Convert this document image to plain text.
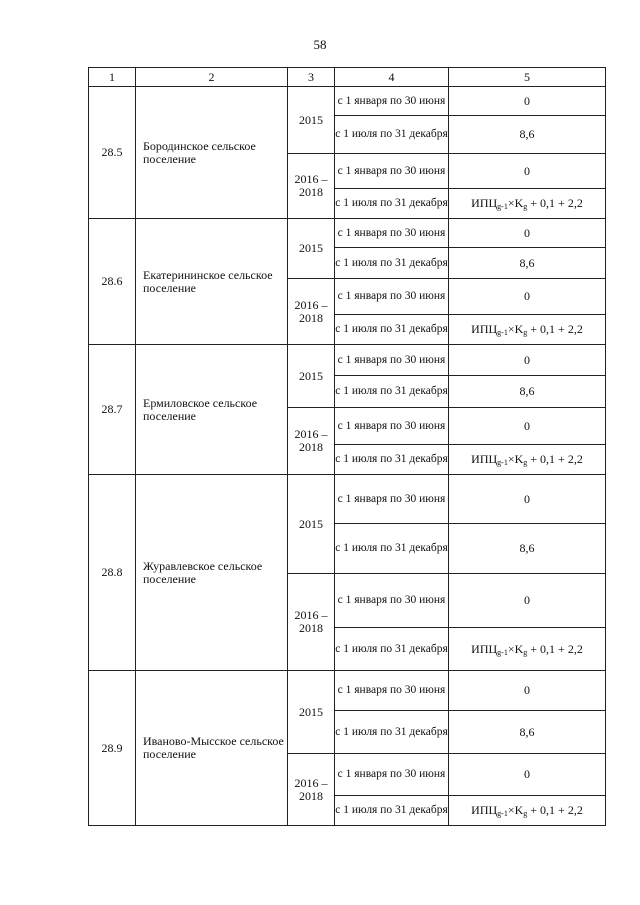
58
1	2	3	4	5
28.5	Бородинское сельское поселение	2015	с 1 января по 30 июня	0
			с 1 июля по 31 декабря	8,6
		2016 – 2018	с 1 января по 30 июня	0
			с 1 июля по 31 декабря	$ИПЦ_{g-1}\times K_g + 0,1 + 2,2$
28.6	Екатерининское сельское поселение	2015	с 1 января по 30 июня	0
			с 1 июля по 31 декабря	8,6
		2016 – 2018	с 1 января по 30 июня	0
			с 1 июля по 31 декабря	$ИПЦ_{g-1}\times K_g + 0,1 + 2,2$
28.7	Ермиловское сельское поселение	2015	с 1 января по 30 июня	0
			с 1 июля по 31 декабря	8,6
		2016 – 2018	с 1 января по 30 июня	0
			с 1 июля по 31 декабря	$ИПЦ_{g-1}\times K_g + 0,1 + 2,2$
28.8	Журавлевское сельское поселение	2015	с 1 января по 30 июня	0
			с 1 июля по 31 декабря	8,6
		2016 – 2018	с 1 января по 30 июня	0
			с 1 июля по 31 декабря	$ИПЦ_{g-1}\times K_g + 0,1 + 2,2$
28.9	Иваново-Мысское сельское поселение	2015	с 1 января по 30 июня	0
			с 1 июля по 31 декабря	8,6
		2016 – 2018	с 1 января по 30 июня	0
			с 1 июля по 31 декабря	$ИПЦ_{g-1}\times K_g + 0,1 + 2,2$
